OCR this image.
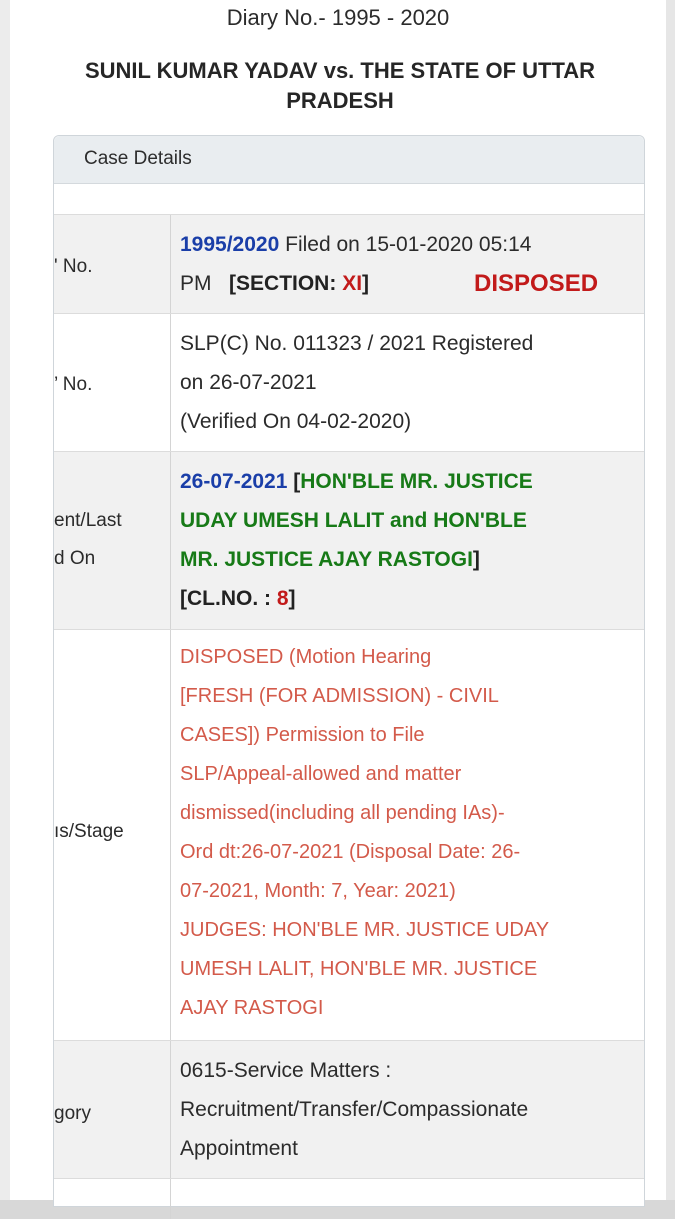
Diary No.- 1995 - 2020
SUNIL KUMAR YADAV vs. THE STATE OF UTTAR
PRADESH
Case Details
' No.
1995/2020 Filed on 15-01-2020 05:14
PM [SECTION: XI]	DISPOSED
’ No.
SLP(C) No. 011323 / 2021 Registered
on 26-07-2021
(Verified On 04-02-2020)
ent/Last
d On
26-07-2021 [HON'BLE MR. JUSTICE
UDAY UMESH LALIT and HON'BLE
MR. JUSTICE AJAY RASTOGI]
[CL.NO. : 8]
ıs/Stage
DISPOSED (Motion Hearing
[FRESH (FOR ADMISSION) - CIVIL
CASES]) Permission to File
SLP/Appeal-allowed and matter
dismissed(including all pending IAs)-
Ord dt:26-07-2021 (Disposal Date: 26-
07-2021, Month: 7, Year: 2021)
JUDGES: HON'BLE MR. JUSTICE UDAY
UMESH LALIT, HON'BLE MR. JUSTICE
AJAY RASTOGI
gory
0615-Service Matters :
Recruitment/Transfer/Compassionate
Appointment
